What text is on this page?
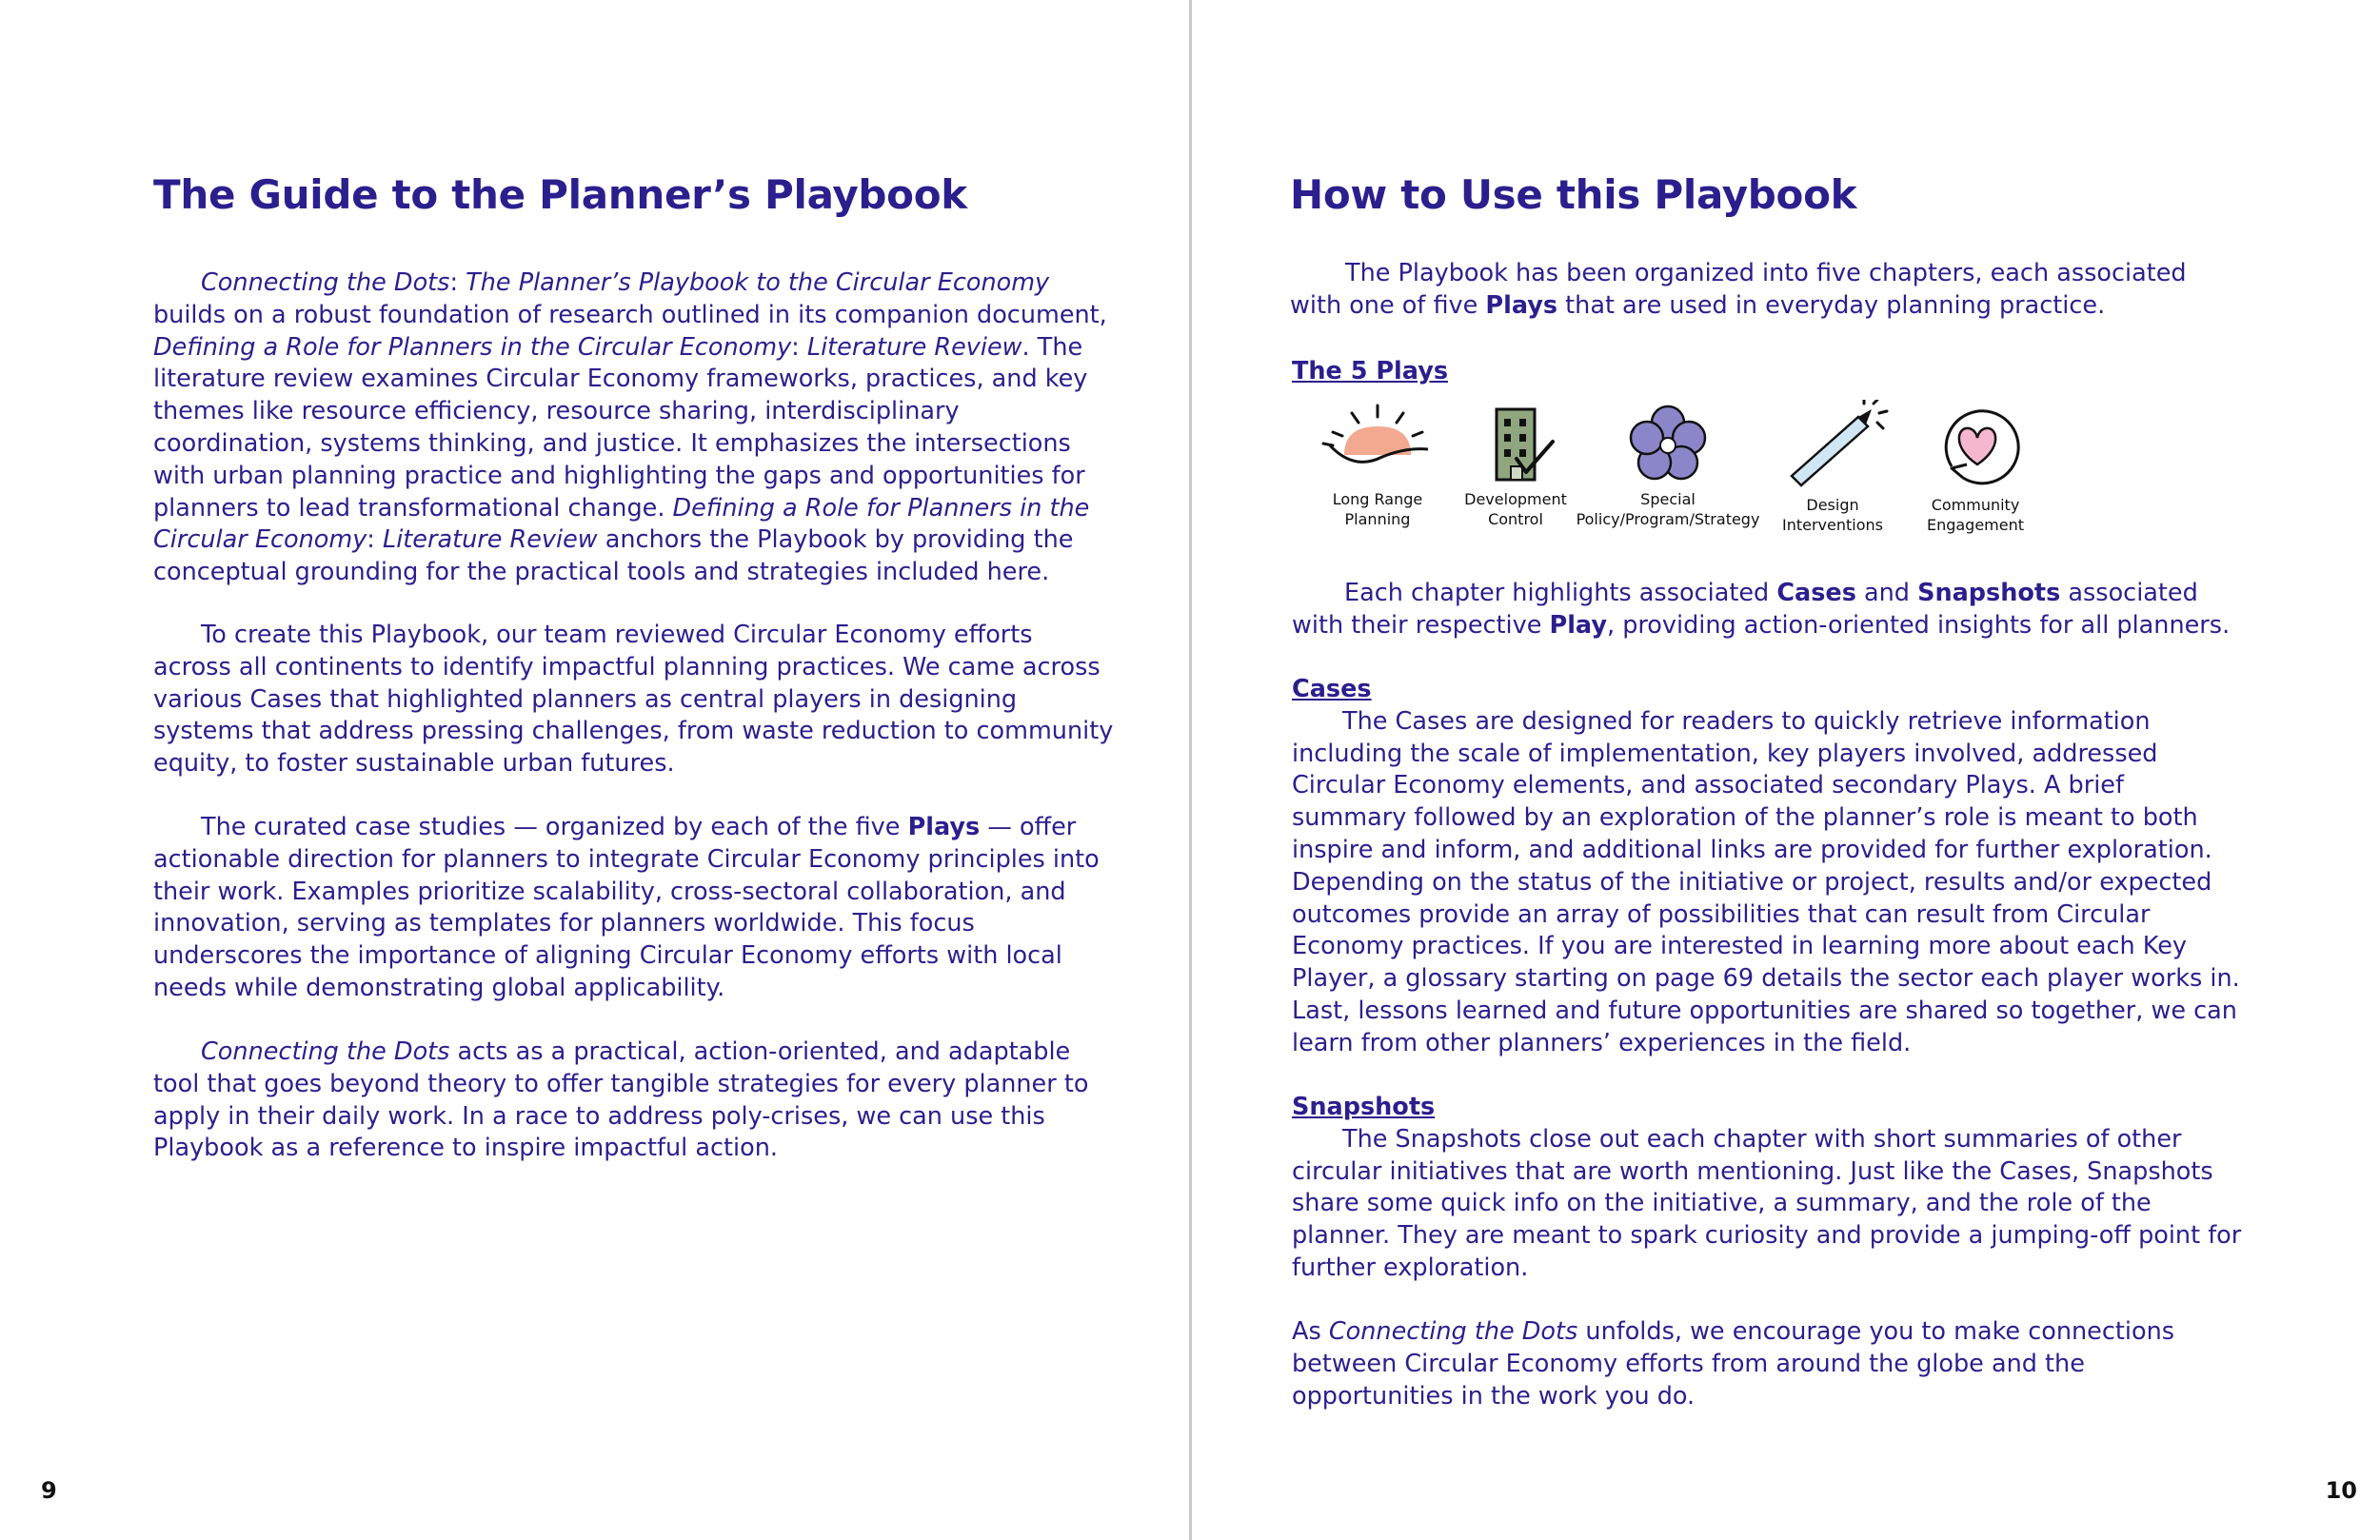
The Guide to the Planner’s Playbook

Connecting the Dots: The Planner’s Playbook to the Circular Economy builds on a robust foundation of research outlined in its companion document, Defining a Role for Planners in the Circular Economy: Literature Review. The literature review examines Circular Economy frameworks, practices, and key themes like resource efficiency, resource sharing, interdisciplinary coordination, systems thinking, and justice. It emphasizes the intersections with urban planning practice and highlighting the gaps and opportunities for planners to lead transformational change. Defining a Role for Planners in the Circular Economy: Literature Review anchors the Playbook by providing the conceptual grounding for the practical tools and strategies included here.

To create this Playbook, our team reviewed Circular Economy efforts across all continents to identify impactful planning practices. We came across various Cases that highlighted planners as central players in designing systems that address pressing challenges, from waste reduction to community equity, to foster sustainable urban futures.

The curated case studies — organized by each of the five Plays — offer actionable direction for planners to integrate Circular Economy principles into their work. Examples prioritize scalability, cross-sectoral collaboration, and innovation, serving as templates for planners worldwide. This focus underscores the importance of aligning Circular Economy efforts with local needs while demonstrating global applicability.

Connecting the Dots acts as a practical, action-oriented, and adaptable tool that goes beyond theory to offer tangible strategies for every planner to apply in their daily work. In a race to address poly-crises, we can use this Playbook as a reference to inspire impactful action.

9
How to Use this Playbook

The Playbook has been organized into five chapters, each associated with one of five Plays that are used in everyday planning practice.

The 5 Plays
Long Range
Planning
Development
Control
Special
Policy/Program/Strategy
Design
Interventions
Community
Engagement

Each chapter highlights associated Cases and Snapshots associated with their respective Play, providing action-oriented insights for all planners.

Cases

The Cases are designed for readers to quickly retrieve information including the scale of implementation, key players involved, addressed Circular Economy elements, and associated secondary Plays. A brief summary followed by an exploration of the planner’s role is meant to both inspire and inform, and additional links are provided for further exploration. Depending on the status of the initiative or project, results and/or expected outcomes provide an array of possibilities that can result from Circular Economy practices. If you are interested in learning more about each Key Player, a glossary starting on page 69 details the sector each player works in. Last, lessons learned and future opportunities are shared so together, we can learn from other planners’ experiences in the field.

Snapshots

The Snapshots close out each chapter with short summaries of other circular initiatives that are worth mentioning. Just like the Cases, Snapshots share some quick info on the initiative, a summary, and the role of the planner. They are meant to spark curiosity and provide a jumping-off point for further exploration.

As Connecting the Dots unfolds, we encourage you to make connections between Circular Economy efforts from around the globe and the opportunities in the work you do.

10
